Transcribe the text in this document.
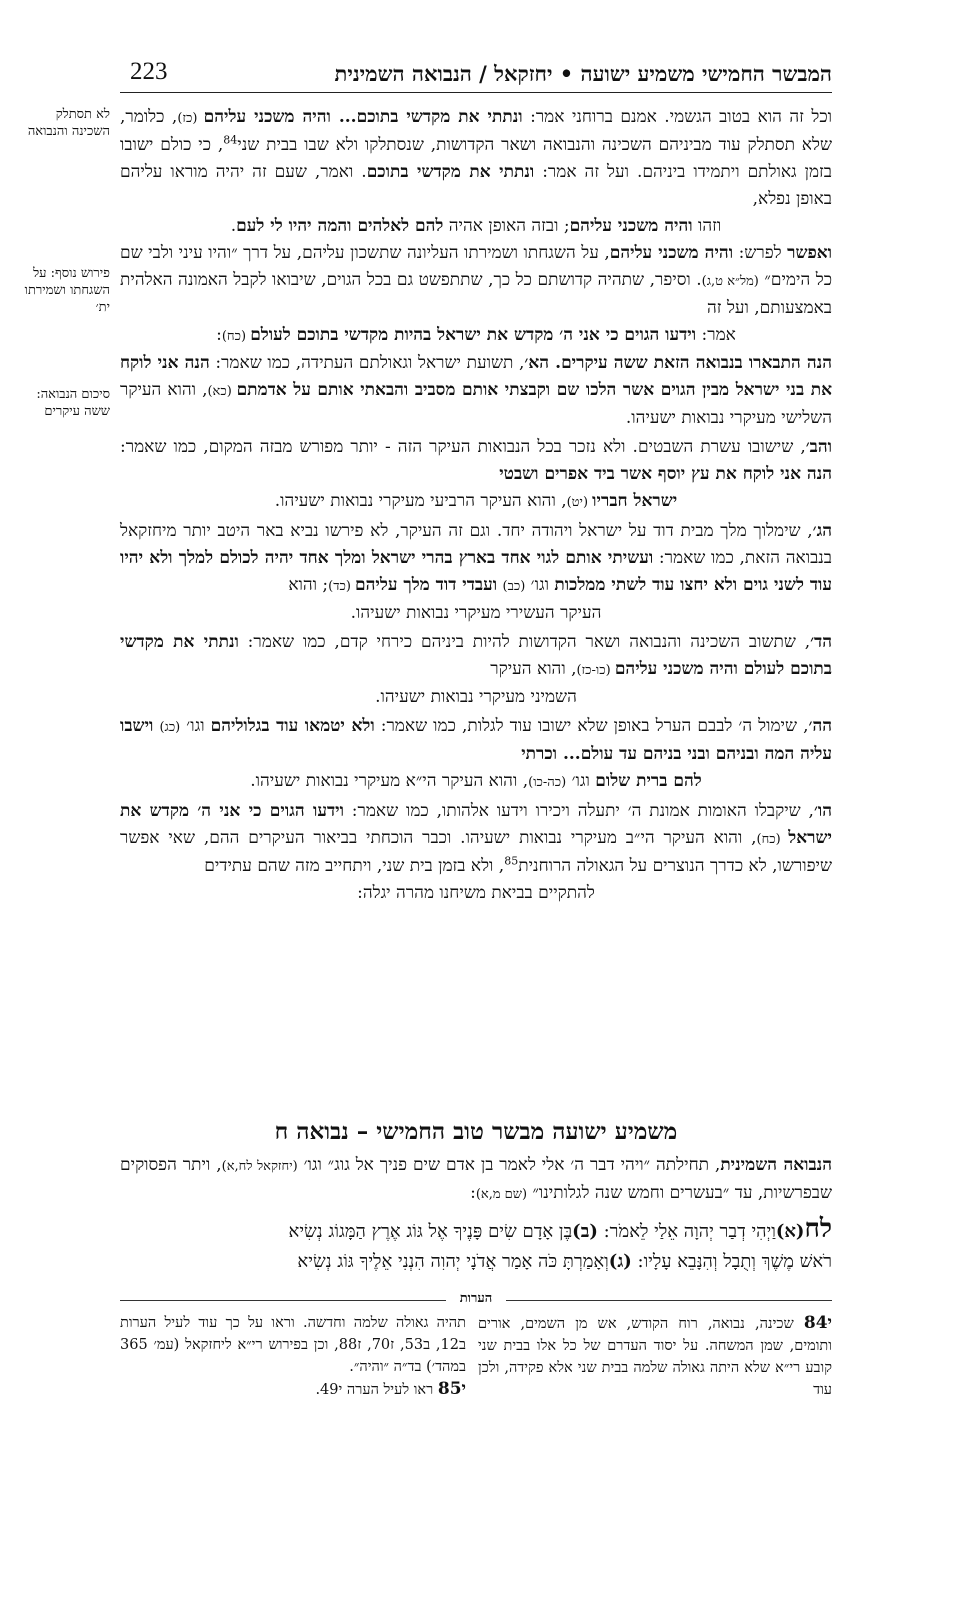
223	המבשר החמישי משמיע ישועה • יחזקאל / הנבואה השמינית
לא תסתלק השכינה והנבואה
פירוש נוסף: על השגחתו ושמירתו ית׳
סיכום הנבואה: ששה עיקרים

וכל זה הוא בטוב הגשמי. אמנם ברוחני אמר: ונתתי את מקדשי בתוכם... והיה משכני עליהם (כז), כלומר, שלא תסתלק עוד מביניהם השכינה והנבואה ושאר הקדושות, שנסתלקו ולא שבו בבית שני$^{84}$, כי כולם ישובו בזמן גאולתם ויתמידו ביניהם. ועל זה אמר: ונתתי את מקדשי בתוכם. ואמר, שעם זה יהיה מוראו עליהם באופן נפלא,

וזהו והיה משכני עליהם; ובזה האופן אהיה להם לאלהים והמה יהיו לי לעם.

ואפשר לפרש: והיה משכני עליהם, על השגחתו ושמירתו העליונה שתשכון עליהם, על דרך ״והיו עיני ולבי שם כל הימים״ (מל״א ט,ג). וסיפר, שתהיה קדושתם כל כך, שתתפשט גם בכל הגוים, שיבואו לקבל האמונה האלהית באמצעותם, ועל זה

אמר: וידעו הגוים כי אני ה׳ מקדש את ישראל בהיות מקדשי בתוכם לעולם (כח):

הנה התבארו בנבואה הזאת ששה עיקרים. הא׳, תשועת ישראל וגאולתם העתידה, כמו שאמר: הנה אני לוקח את בני ישראל מבין הגוים אשר הלכו שם וקבצתי אותם מסביב והבאתי אותם על אדמתם (כא), והוא העיקר השלישי מעיקרי נבואות ישעיהו.

והב׳, שישובו עשרת השבטים. ולא נזכר בכל הנבואות העיקר הזה - יותר מפורש מבזה המקום, כמו שאמר: הנה אני לוקח את עץ יוסף אשר ביד אפרים ושבטי

ישראל חבריו (יט), והוא העיקר הרביעי מעיקרי נבואות ישעיהו.

הג׳, שימלוך מלך מבית דוד על ישראל ויהודה יחד. וגם זה העיקר, לא פירשו נביא באר היטב יותר מיחזקאל בנבואה הזאת, כמו שאמר: ועשיתי אותם לגוי אחד בארץ בהרי ישראל ומלך אחד יהיה לכולם למלך ולא יהיו עוד לשני גוים ולא יחצו עוד לשתי ממלכות וגו׳ (כב) ועבדי דוד מלך עליהם (כד); והוא

העיקר העשירי מעיקרי נבואות ישעיהו.

הד׳, שתשוב השכינה והנבואה ושאר הקדושות להיות ביניהם כירחי קדם, כמו שאמר: ונתתי את מקדשי בתוכם לעולם והיה משכני עליהם (כו-כז), והוא העיקר

השמיני מעיקרי נבואות ישעיהו.

הה׳, שימול ה׳ לבבם הערל באופן שלא ישובו עוד לגלות, כמו שאמר: ולא יטמאו עוד בגלוליהם וגו׳ (כג) וישבו עליה המה ובניהם ובני בניהם עד עולם... וכרתי

להם ברית שלום וגו׳ (כה-כו), והוא העיקר הי״א מעיקרי נבואות ישעיהו.

הו׳, שיקבלו האומות אמונת ה׳ יתעלה ויכירו וידעו אלהותו, כמו שאמר: וידעו הגוים כי אני ה׳ מקדש את ישראל (כח), והוא העיקר הי״ב מעיקרי נבואות ישעיהו. וכבר הוכחתי בביאור העיקרים ההם, שאי אפשר שיפורשו, לא כדרך הנוצרים על הגאולה הרוחנית$^{85}$, ולא בזמן בית שני, ויתחייב מזה שהם עתידים

להתקיים בביאת משיחנו מהרה יגלה:

משמיע ישועה מבשר טוב החמישי – נבואה ח

הנבואה השמינית, תחילתה ״ויהי דבר ה׳ אלי לאמר בן אדם שים פניך אל גוג״ וגו׳ (יחזקאל לח,א), ויתר הפסוקים שבפרשיות, עד ״בעשרים וחמש שנה לגלותינו״ (שם מ,א):

לח(א)וַיְהִי דְבַר יְהוָה אֵלַי לֵאמֹר: (ב)בֶּן אָדָם שִׂים פָּנֶיךָ אֶל גּוֹג אֶרֶץ הַמָּגוֹג נְשִׂיא

רֹאשׁ מֶשֶׁךְ וְתֻבָל וְהִנָּבֵא עָלָיו: (ג)וְאָמַרְתָּ כֹּה אָמַר אֲדֹנָי יְהוִה הִנְנִי אֵלֶיךָ גּוֹג נְשִׂיא

הערות

י84 שכינה, נבואה, רוח הקודש, אש מן השמים, אורים ותומים, שמן המשחה. על יסוד העדרם של כל אלו בבית שני קובע רי״א שלא היתה גאולה שלמה בבית שני אלא פקידה, ולכן עוד

תהיה גאולה שלמה וחדשה. וראו על כך עוד לעיל הערות ב12, ב53, ז70, ז88, וכן בפירוש רי״א ליחזקאל (עמ׳ 365 במהד׳) בד״ה ״והיה״.

י85 ראו לעיל הערה י49.
